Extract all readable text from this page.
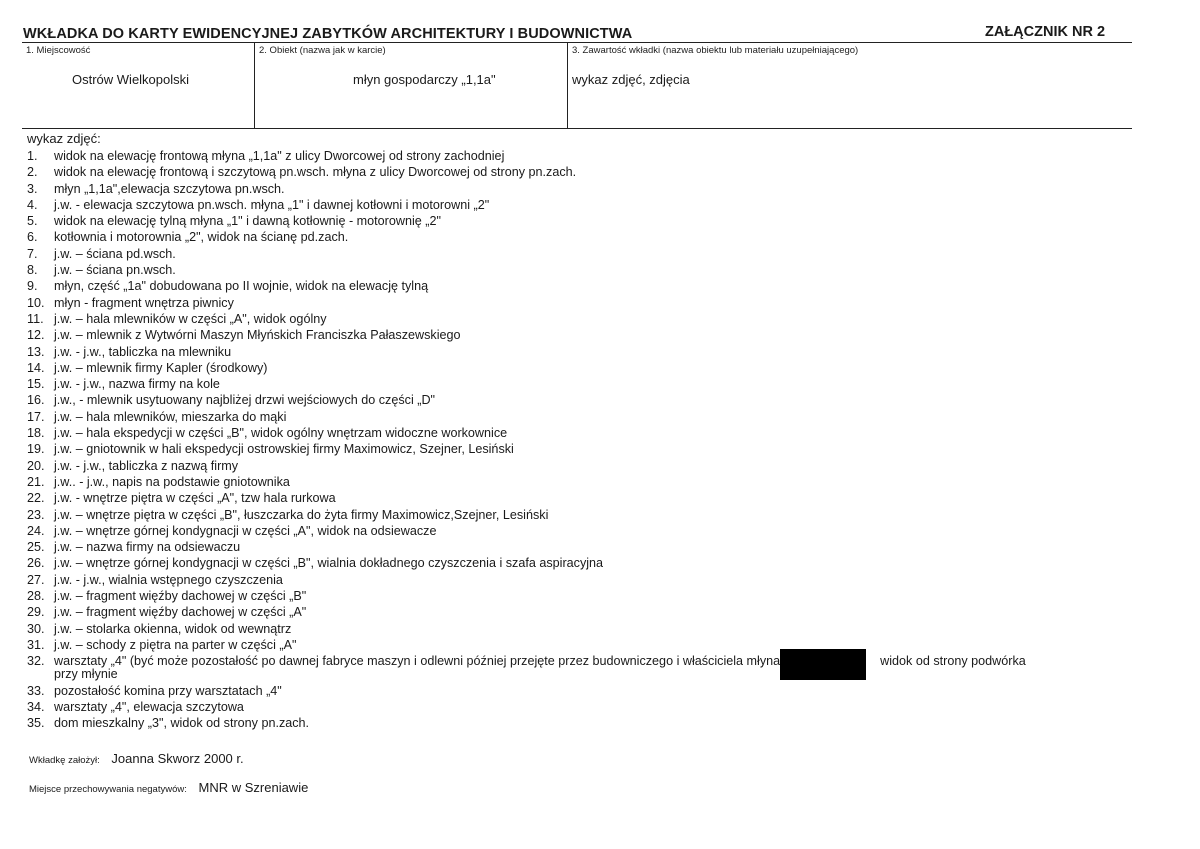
WKŁADKA DO KARTY EWIDENCYJNEJ ZABYTKÓW ARCHITEKTURY I BUDOWNICTWA	ZAŁĄCZNIK NR 2
1. Miejscowość
Ostrów Wielkopolski
2. Obiekt (nazwa jak w karcie)
młyn gospodarczy „1,1a"
3. Zawartość wkładki (nazwa obiektu lub materiału uzupełniającego)
wykaz zdjęć, zdjęcia
wykaz zdjęć:
1.	widok na elewację frontową młyna „1,1a" z ulicy Dworcowej od strony zachodniej
2.	widok na elewację frontową i szczytową pn.wsch. młyna z ulicy Dworcowej od strony pn.zach.
3.	młyn „1,1a",elewacja szczytowa pn.wsch.
4.	j.w. - elewacja szczytowa pn.wsch. młyna „1" i dawnej kotłowni i motorowni „2"
5.	widok na elewację tylną młyna „1" i dawną kotłownię - motorownię „2"
6.	kotłownia i motorownia „2", widok na ścianę pd.zach.
7.	j.w. – ściana pd.wsch.
8.	j.w. – ściana pn.wsch.
9.	młyn, część „1a" dobudowana po II wojnie, widok na elewację tylną
10. młyn - fragment wnętrza piwnicy
11. j.w. – hala mlewników w części „A", widok ogólny
12. j.w. – mlewnik z Wytwórni Maszyn Młyńskich Franciszka Pałaszewskiego
13. j.w. - j.w., tabliczka na mlewniku
14. j.w. – mlewnik firmy Kapler (środkowy)
15. j.w. - j.w., nazwa firmy na kole
16. j.w., - mlewnik usytuowany najbliżej drzwi wejściowych do części „D"
17. j.w. – hala mlewników, mieszarka do mąki
18. j.w. – hala ekspedycji w części „B", widok ogólny wnętrzam widoczne workownice
19. j.w. – gniotownik w hali ekspedycji ostrowskiej firmy Maximowicz, Szejner, Lesiński
20. j.w. - j.w., tabliczka z nazwą firmy
21. j.w.. - j.w., napis na podstawie gniotownika
22. j.w. - wnętrze piętra w części „A", tzw hala rurkowa
23. j.w. – wnętrze piętra w części „B", łuszczarka do żyta firmy Maximowicz,Szejner, Lesiński
24. j.w. – wnętrze górnej kondygnacji w części „A", widok na odsiewacze
25. j.w. – nazwa firmy na odsiewaczu
26. j.w. – wnętrze górnej kondygnacji w części „B", wialnia dokładnego czyszczenia i szafa aspiracyjna
27. j.w. - j.w., wialnia wstępnego czyszczenia
28. j.w. – fragment więźby dachowej w części „B"
29. j.w. – fragment więźby dachowej w części „A"
30. j.w. – stolarka okienna, widok od wewnątrz
31. j.w. – schody z piętra na parter w części „A"
32. warsztaty „4" (być może pozostałość po dawnej fabryce maszyn i odlewni później przejęte przez budowniczego i właściciela młyna	widok od strony podwórka
przy młynie
33. pozostałość komina przy warsztatach „4"
34. warsztaty „4", elewacja szczytowa
35. dom mieszkalny „3", widok od strony pn.zach.
Wkładkę założył: Joanna Skworz 2000 r.
Miejsce przechowywania negatywów: MNR w Szreniawie
